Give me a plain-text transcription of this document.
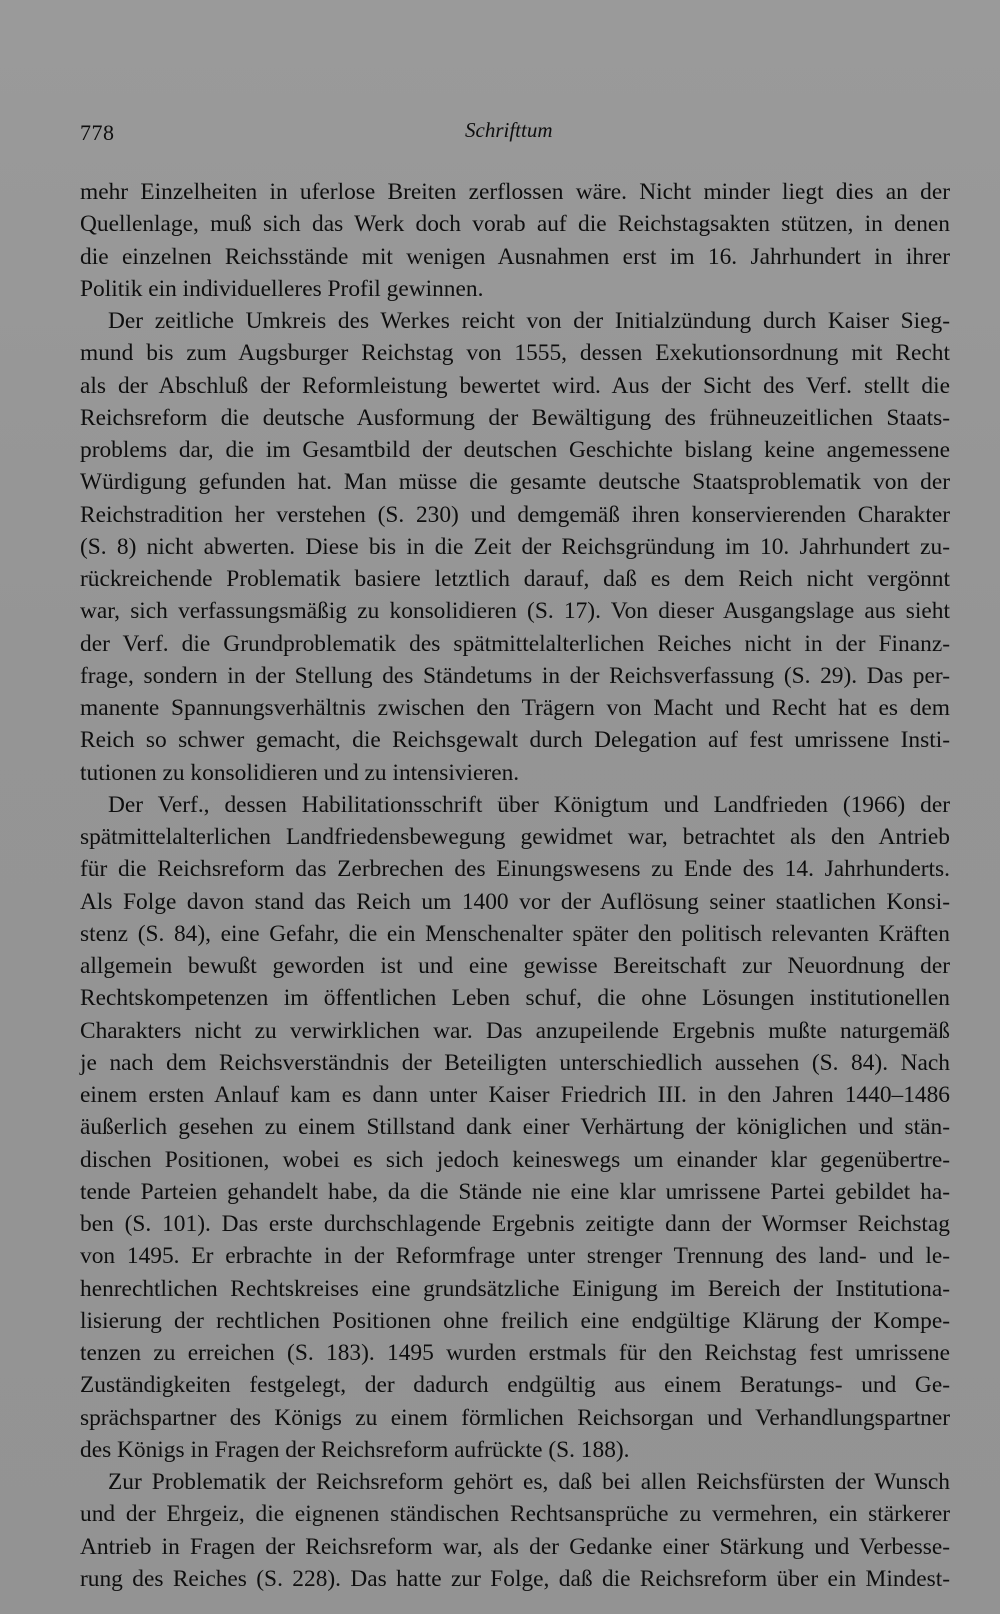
778	Schrifttum
mehr Einzelheiten in uferlose Breiten zerflossen wäre. Nicht minder liegt dies an der
Quellenlage, muß sich das Werk doch vorab auf die Reichstagsakten stützen, in denen
die einzelnen Reichsstände mit wenigen Ausnahmen erst im 16. Jahrhundert in ihrer
Politik ein individuelleres Profil gewinnen.
Der zeitliche Umkreis des Werkes reicht von der Initialzündung durch Kaiser Sieg-
mund bis zum Augsburger Reichstag von 1555, dessen Exekutionsordnung mit Recht
als der Abschluß der Reformleistung bewertet wird. Aus der Sicht des Verf. stellt die
Reichsreform die deutsche Ausformung der Bewältigung des frühneuzeitlichen Staats-
problems dar, die im Gesamtbild der deutschen Geschichte bislang keine angemessene
Würdigung gefunden hat. Man müsse die gesamte deutsche Staatsproblematik von der
Reichstradition her verstehen (S. 230) und demgemäß ihren konservierenden Charakter
(S. 8) nicht abwerten. Diese bis in die Zeit der Reichsgründung im 10. Jahrhundert zu-
rückreichende Problematik basiere letztlich darauf, daß es dem Reich nicht vergönnt
war, sich verfassungsmäßig zu konsolidieren (S. 17). Von dieser Ausgangslage aus sieht
der Verf. die Grundproblematik des spätmittelalterlichen Reiches nicht in der Finanz-
frage, sondern in der Stellung des Ständetums in der Reichsverfassung (S. 29). Das per-
manente Spannungsverhältnis zwischen den Trägern von Macht und Recht hat es dem
Reich so schwer gemacht, die Reichsgewalt durch Delegation auf fest umrissene Insti-
tutionen zu konsolidieren und zu intensivieren.
Der Verf., dessen Habilitationsschrift über Königtum und Landfrieden (1966) der
spätmittelalterlichen Landfriedensbewegung gewidmet war, betrachtet als den Antrieb
für die Reichsreform das Zerbrechen des Einungswesens zu Ende des 14. Jahrhunderts.
Als Folge davon stand das Reich um 1400 vor der Auflösung seiner staatlichen Konsi-
stenz (S. 84), eine Gefahr, die ein Menschenalter später den politisch relevanten Kräften
allgemein bewußt geworden ist und eine gewisse Bereitschaft zur Neuordnung der
Rechtskompetenzen im öffentlichen Leben schuf, die ohne Lösungen institutionellen
Charakters nicht zu verwirklichen war. Das anzupeilende Ergebnis mußte naturgemäß
je nach dem Reichsverständnis der Beteiligten unterschiedlich aussehen (S. 84). Nach
einem ersten Anlauf kam es dann unter Kaiser Friedrich III. in den Jahren 1440–1486
äußerlich gesehen zu einem Stillstand dank einer Verhärtung der königlichen und stän-
dischen Positionen, wobei es sich jedoch keineswegs um einander klar gegenübertre-
tende Parteien gehandelt habe, da die Stände nie eine klar umrissene Partei gebildet ha-
ben (S. 101). Das erste durchschlagende Ergebnis zeitigte dann der Wormser Reichstag
von 1495. Er erbrachte in der Reformfrage unter strenger Trennung des land- und le-
henrechtlichen Rechtskreises eine grundsätzliche Einigung im Bereich der Institutiona-
lisierung der rechtlichen Positionen ohne freilich eine endgültige Klärung der Kompe-
tenzen zu erreichen (S. 183). 1495 wurden erstmals für den Reichstag fest umrissene
Zuständigkeiten festgelegt, der dadurch endgültig aus einem Beratungs- und Ge-
sprächspartner des Königs zu einem förmlichen Reichsorgan und Verhandlungspartner
des Königs in Fragen der Reichsreform aufrückte (S. 188).
Zur Problematik der Reichsreform gehört es, daß bei allen Reichsfürsten der Wunsch
und der Ehrgeiz, die eignenen ständischen Rechtsansprüche zu vermehren, ein stärkerer
Antrieb in Fragen der Reichsreform war, als der Gedanke einer Stärkung und Verbesse-
rung des Reiches (S. 228). Das hatte zur Folge, daß die Reichsreform über ein Mindest-
